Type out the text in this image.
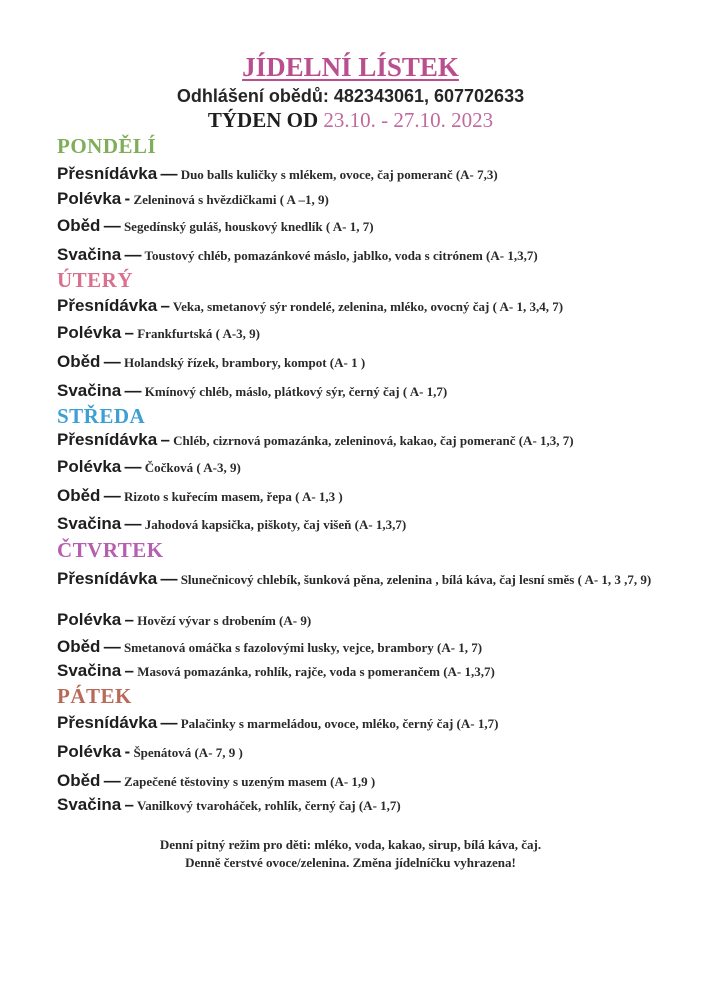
JÍDELNÍ LÍSTEK
Odhlášení obědů: 482343061, 607702633
TÝDEN OD 23.10. - 27.10. 2023
PONDĚLÍ
Přesnídávka — Duo balls kuličky s mlékem, ovoce, čaj pomeranč (A- 7,3)
Polévka - Zeleninová s hvězdičkami ( A –1, 9)
Oběd — Segedínský guláš, houskový knedlík ( A- 1, 7)
Svačina — Toustový chléb, pomazánkové máslo, jablko, voda s citrónem (A- 1,3,7)
ÚTERÝ
Přesnídávka – Veka, smetanový sýr rondelé, zelenina, mléko, ovocný čaj ( A- 1, 3,4, 7)
Polévka – Frankfurtská ( A-3, 9)
Oběd — Holandský řízek, brambory, kompot (A- 1 )
Svačina — Kmínový chléb, máslo, plátkový sýr, černý čaj ( A- 1,7)
STŘEDA
Přesnídávka – Chléb, cizrnová pomazánka, zeleninová, kakao, čaj pomeranč (A- 1,3, 7)
Polévka — Čočková ( A-3, 9)
Oběd — Rizoto s kuřecím masem, řepa ( A- 1,3 )
Svačina — Jahodová kapsička, piškoty, čaj višeň (A- 1,3,7)
ČTVRTEK
Přesnídávka — Slunečnicový chlebík, šunková pěna, zelenina , bílá káva, čaj lesní směs ( A- 1, 3 ,7, 9)
Polévka – Hovězí vývar s drobením (A- 9)
Oběd — Smetanová omáčka s fazolovými lusky, vejce, brambory (A- 1, 7)
Svačina – Masová pomazánka, rohlík, rajče, voda s pomerančem (A- 1,3,7)
PÁTEK
Přesnídávka — Palačinky s marmeládou, ovoce, mléko, černý čaj (A- 1,7)
Polévka - Špenátová (A- 7, 9 )
Oběd — Zapečené těstoviny s uzeným masem (A- 1,9 )
Svačina – Vanilkový tvaroháček, rohlík, černý čaj (A- 1,7)
Denní pitný režim pro děti: mléko, voda, kakao, sirup, bílá káva, čaj.
Denně čerstvé ovoce/zelenina. Změna jídelníčku vyhrazena!
